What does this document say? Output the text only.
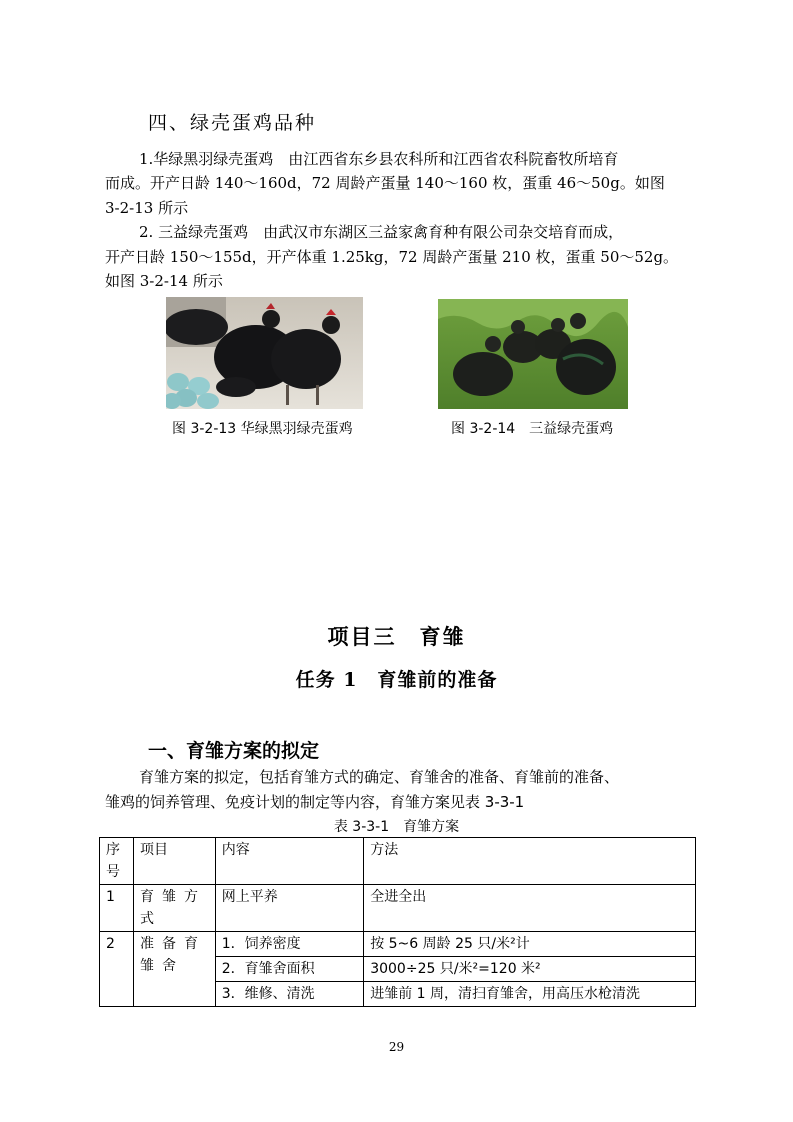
四、绿壳蛋鸡品种
1.华绿黑羽绿壳蛋鸡　由江西省东乡县农科所和江西省农科院畜牧所培育
而成。开产日龄 140～160d，72 周龄产蛋量 140～160 枚，蛋重 46～50g。如图
3-2-13 所示
2. 三益绿壳蛋鸡　由武汉市东湖区三益家禽育种有限公司杂交培育而成，
开产日龄 150～155d，开产体重 1.25kg，72 周龄产蛋量 210 枚，蛋重 50～52g。
如图 3-2-14 所示
图 3-2-13 华绿黑羽绿壳蛋鸡	图 3-2-14　三益绿壳蛋鸡
项目三　育雏
任务 1　育雏前的准备
一、育雏方案的拟定
育雏方案的拟定，包括育雏方式的确定、育雏舍的准备、育雏前的准备、
雏鸡的饲养管理、免疫计划的制定等内容，育雏方案见表 3-3-1
表 3-3-1　育雏方案
序号	项目	内容	方法
1	育雏方式	网上平养	全进全出
2	准备育雏舍	1．饲养密度	按 5~6 周龄 25 只/米²计
		2．育雏舍面积	3000÷25 只/米²=120 米²
		3．维修、清洗	进雏前 1 周，清扫育雏舍，用高压水枪清洗
29
